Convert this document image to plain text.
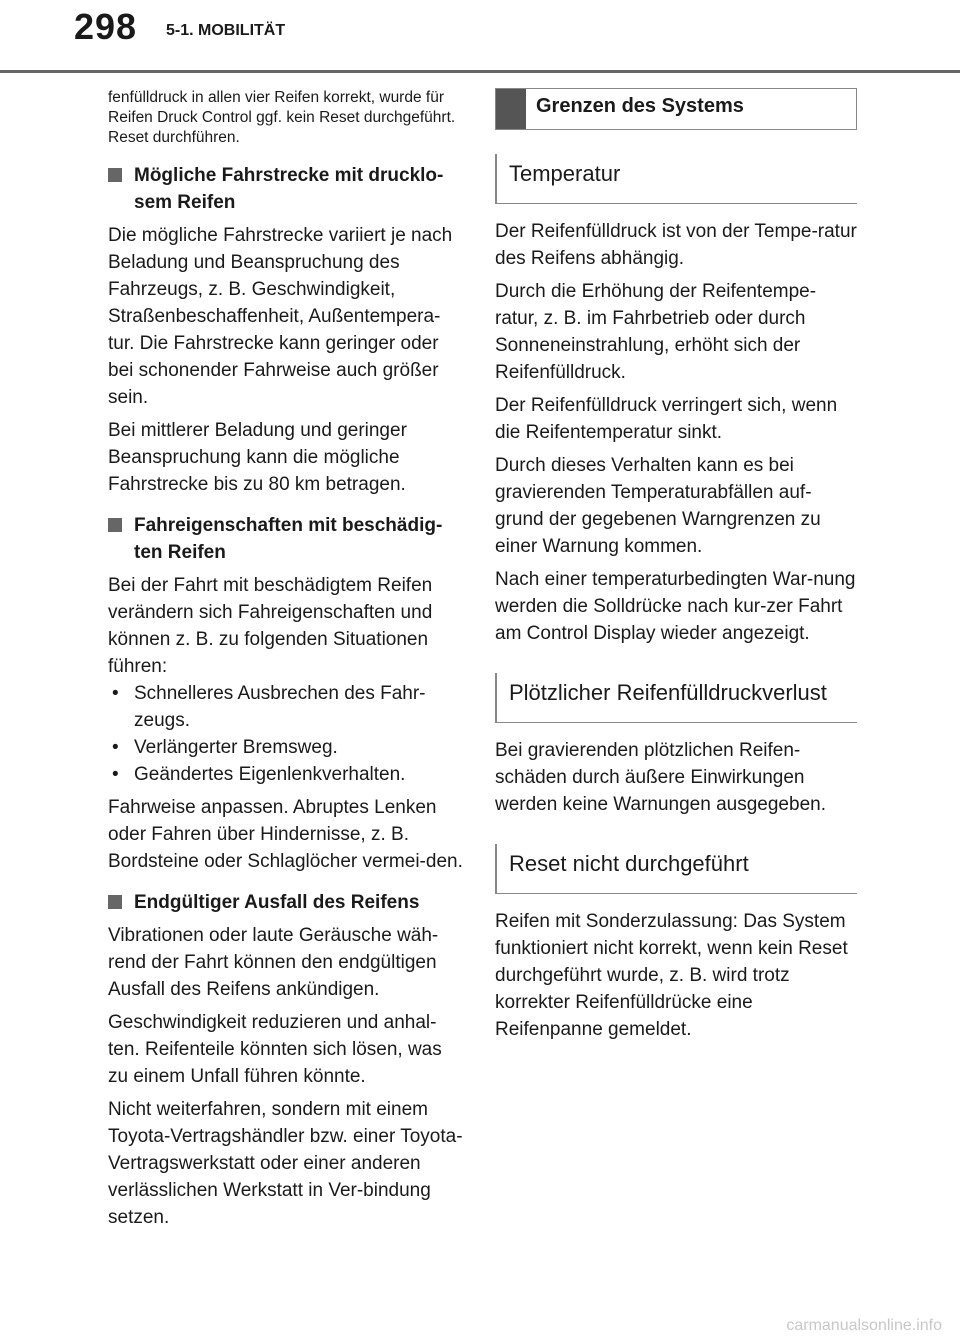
298 5-1. MOBILITÄT

fenfülldruck in allen vier Reifen korrekt, wurde für Reifen Druck Control ggf. kein Reset durchgeführt. Reset durchführen.

Mögliche Fahrstrecke mit drucklo-sem Reifen

Die mögliche Fahrstrecke variiert je nach Beladung und Beanspruchung des Fahrzeugs, z. B. Geschwindigkeit, Straßenbeschaffenheit, Außentempera-tur. Die Fahrstrecke kann geringer oder bei schonender Fahrweise auch größer sein.

Bei mittlerer Beladung und geringer Beanspruchung kann die mögliche Fahrstrecke bis zu 80 km betragen.

Fahreigenschaften mit beschädig-ten Reifen

Bei der Fahrt mit beschädigtem Reifen verändern sich Fahreigenschaften und können z. B. zu folgenden Situationen führen:

• Schnelleres Ausbrechen des Fahr-zeugs.
• Verlängerter Bremsweg.
• Geändertes Eigenlenkverhalten.

Fahrweise anpassen. Abruptes Lenken oder Fahren über Hindernisse, z. B. Bordsteine oder Schlaglöcher vermei-den.

Endgültiger Ausfall des Reifens

Vibrationen oder laute Geräusche wäh-rend der Fahrt können den endgültigen Ausfall des Reifens ankündigen.

Geschwindigkeit reduzieren und anhal-ten. Reifenteile könnten sich lösen, was zu einem Unfall führen könnte.

Nicht weiterfahren, sondern mit einem Toyota-Vertragshändler bzw. einer Toyota-Vertragswerkstatt oder einer anderen verlässlichen Werkstatt in Ver-bindung setzen.

Grenzen des Systems
Temperatur

Der Reifenfülldruck ist von der Tempe-ratur des Reifens abhängig.

Durch die Erhöhung der Reifentempe-ratur, z. B. im Fahrbetrieb oder durch Sonneneinstrahlung, erhöht sich der Reifenfülldruck.

Der Reifenfülldruck verringert sich, wenn die Reifentemperatur sinkt.

Durch dieses Verhalten kann es bei gravierenden Temperaturabfällen auf-grund der gegebenen Warngrenzen zu einer Warnung kommen.

Nach einer temperaturbedingten War-nung werden die Solldrücke nach kur-zer Fahrt am Control Display wieder angezeigt.

Plötzlicher Reifenfülldruckverlust

Bei gravierenden plötzlichen Reifen-schäden durch äußere Einwirkungen werden keine Warnungen ausgegeben.

Reset nicht durchgeführt

Reifen mit Sonderzulassung: Das System funktioniert nicht korrekt, wenn kein Reset durchgeführt wurde, z. B. wird trotz korrekter Reifenfülldrücke eine Reifenpanne gemeldet.

carmanualsonline.info
